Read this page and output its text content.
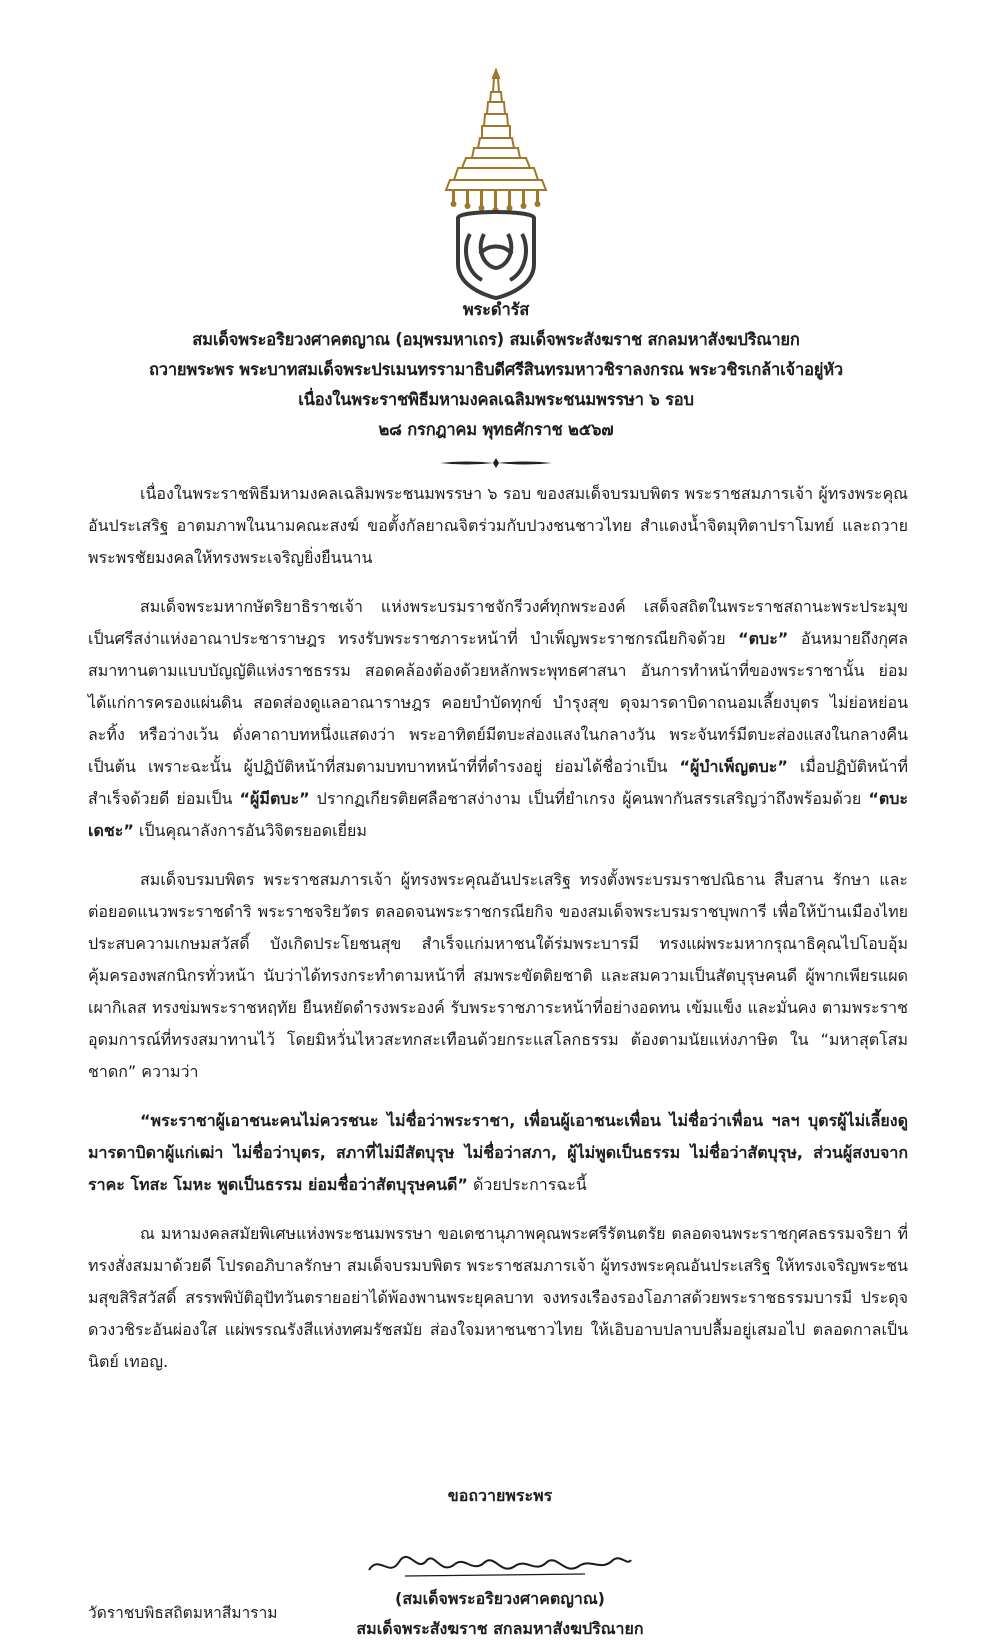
พระดำรัส
สมเด็จพระอริยวงศาคตญาณ (อมฺพรมหาเถร) สมเด็จพระสังฆราช สกลมหาสังฆปริณายก
ถวายพระพร พระบาทสมเด็จพระปรเมนทรรามาธิบดีศรีสินทรมหาวชิราลงกรณ พระวชิรเกล้าเจ้าอยู่หัว
เนื่องในพระราชพิธีมหามงคลเฉลิมพระชนมพรรษา ๖ รอบ
๒๘ กรกฎาคม พุทธศักราช ๒๕๖๗

เนื่องในพระราชพิธีมหามงคลเฉลิมพระชนมพรรษา ๖ รอบ ของสมเด็จบรมบพิตร พระราชสมภารเจ้า ผู้ทรงพระคุณอันประเสริฐ อาตมภาพในนามคณะสงฆ์ ขอตั้งกัลยาณจิตร่วมกับปวงชนชาวไทย สำแดงน้ำจิตมุทิตาปราโมทย์ และถวายพระพรชัยมงคลให้ทรงพระเจริญยิ่งยืนนาน

สมเด็จพระมหากษัตริยาธิราชเจ้า แห่งพระบรมราชจักรีวงศ์ทุกพระองค์ เสด็จสถิตในพระราชสถานะพระประมุขเป็นศรีสง่าแห่งอาณาประชาราษฎร ทรงรับพระราชภาระหน้าที่ บำเพ็ญพระราชกรณียกิจด้วย “ตบะ” อันหมายถึงกุศลสมาทานตามแบบบัญญัติแห่งราชธรรม สอดคล้องต้องด้วยหลักพระพุทธศาสนา อันการทำหน้าที่ของพระราชานั้น ย่อมได้แก่การครองแผ่นดิน สอดส่องดูแลอาณาราษฎร คอยบำบัดทุกข์ บำรุงสุข ดุจมารดาบิดาถนอมเลี้ยงบุตร ไม่ย่อหย่อน ละทิ้ง หรือว่างเว้น ดั่งคาถาบทหนึ่งแสดงว่า พระอาทิตย์มีตบะส่องแสงในกลางวัน พระจันทร์มีตบะส่องแสงในกลางคืน เป็นต้น เพราะฉะนั้น ผู้ปฏิบัติหน้าที่สมตามบทบาทหน้าที่ที่ดำรงอยู่ ย่อมได้ชื่อว่าเป็น “ผู้บำเพ็ญตบะ” เมื่อปฏิบัติหน้าที่สำเร็จด้วยดี ย่อมเป็น “ผู้มีตบะ” ปรากฏเกียรติยศลือชาสง่างาม เป็นที่ยำเกรง ผู้คนพากันสรรเสริญว่าถึงพร้อมด้วย “ตบะเดชะ” เป็นคุณาลังการอันวิจิตรยอดเยี่ยม

สมเด็จบรมบพิตร พระราชสมภารเจ้า ผู้ทรงพระคุณอันประเสริฐ ทรงตั้งพระบรมราชปณิธาน สืบสาน รักษา และต่อยอดแนวพระราชดำริ พระราชจริยวัตร ตลอดจนพระราชกรณียกิจ ของสมเด็จพระบรมราชบุพการี เพื่อให้บ้านเมืองไทยประสบความเกษมสวัสดิ์ บังเกิดประโยชนสุข สำเร็จแก่มหาชนใต้ร่มพระบารมี ทรงแผ่พระมหากรุณาธิคุณไปโอบอุ้มคุ้มครองพสกนิกรทั่วหน้า นับว่าได้ทรงกระทำตามหน้าที่ สมพระขัตติยชาติ และสมความเป็นสัตบุรุษคนดี ผู้พากเพียรแผดเผากิเลส ทรงข่มพระราชหฤทัย ยืนหยัดดำรงพระองค์ รับพระราชภาระหน้าที่อย่างอดทน เข้มแข็ง และมั่นคง ตามพระราชอุดมการณ์ที่ทรงสมาทานไว้ โดยมิหวั่นไหวสะทกสะเทือนด้วยกระแสโลกธรรม ต้องตามนัยแห่งภาษิต ใน “มหาสุตโสมชาดก” ความว่า

“พระราชาผู้เอาชนะคนไม่ควรชนะ ไม่ชื่อว่าพระราชา, เพื่อนผู้เอาชนะเพื่อน ไม่ชื่อว่าเพื่อน ฯลฯ บุตรผู้ไม่เลี้ยงดูมารดาบิดาผู้แก่เฒ่า ไม่ชื่อว่าบุตร, สภาที่ไม่มีสัตบุรุษ ไม่ชื่อว่าสภา, ผู้ไม่พูดเป็นธรรม ไม่ชื่อว่าสัตบุรุษ, ส่วนผู้สงบจากราคะ โทสะ โมหะ พูดเป็นธรรม ย่อมชื่อว่าสัตบุรุษคนดี” ด้วยประการฉะนี้

ณ มหามงคลสมัยพิเศษแห่งพระชนมพรรษา ขอเดชานุภาพคุณพระศรีรัตนตรัย ตลอดจนพระราชกุศลธรรมจริยา ที่ทรงสั่งสมมาด้วยดี โปรดอภิบาลรักษา สมเด็จบรมบพิตร พระราชสมภารเจ้า ผู้ทรงพระคุณอันประเสริฐ ให้ทรงเจริญพระชนมสุขสิริสวัสดิ์ สรรพพิบัติอุปัทวันตรายอย่าได้พ้องพานพระยุคลบาท จงทรงเรืองรองโอภาสด้วยพระราชธรรมบารมี ประดุจดวงวชิระอันผ่องใส แผ่พรรณรังสีแห่งทศมรัชสมัย ส่องใจมหาชนชาวไทย ให้เอิบอาบปลาบปลื้มอยู่เสมอไป ตลอดกาลเป็นนิตย์ เทอญ.

ขอถวายพระพร
(สมเด็จพระอริยวงศาคตญาณ)
สมเด็จพระสังฆราช สกลมหาสังฆปริณายก
วัดราชบพิธสถิตมหาสีมาราม
